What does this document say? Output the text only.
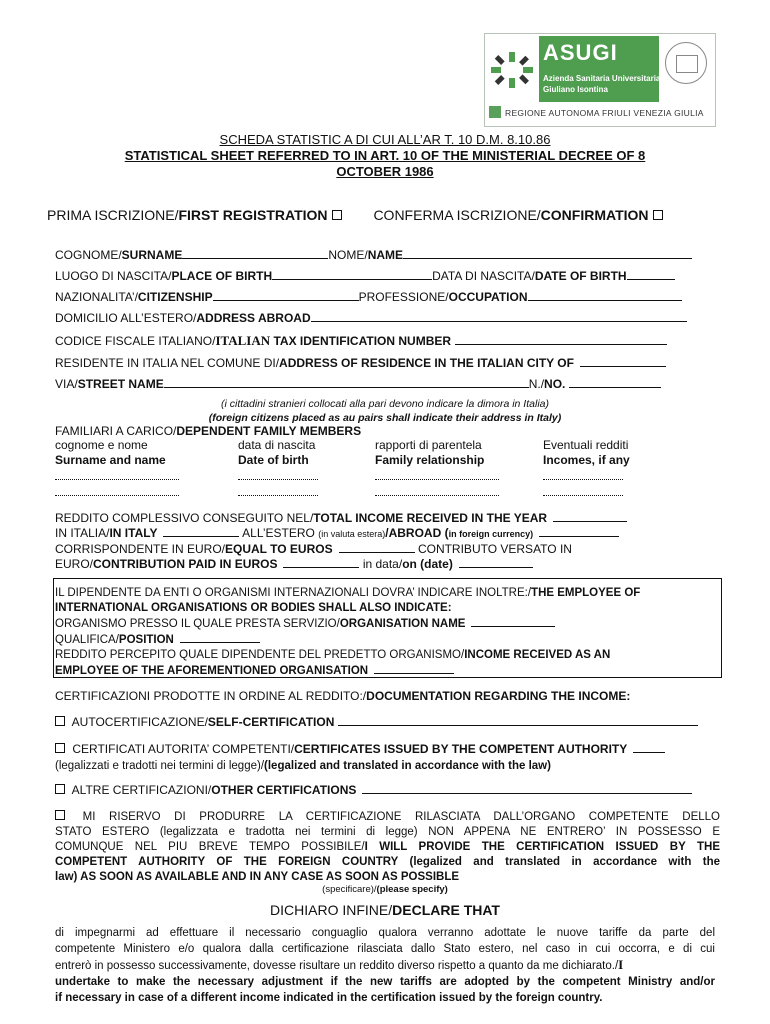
ASUGI
Azienda Sanitaria Universitaria
Giuliano Isontina
REGIONE AUTONOMA FRIULI VENEZIA GIULIA
SCHEDA STATISTIC A DI CUI ALL’AR T. 10 D.M. 8.10.86
STATISTICAL SHEET REFERRED TO IN ART. 10 OF THE MINISTERIAL DECREE OF 8
OCTOBER 1986
PRIMA ISCRIZIONE/FIRST REGISTRATION	CONFERMA ISCRIZIONE/CONFIRMATION
COGNOME/SURNAME	NOME/NAME
LUOGO DI NASCITA/PLACE OF BIRTH	DATA DI NASCITA/DATE OF BIRTH
NAZIONALITA’/CITIZENSHIP	PROFESSIONE/OCCUPATION
DOMICILIO ALL’ESTERO/ADDRESS ABROAD
CODICE FISCALE ITALIANO/ITALIAN TAX IDENTIFICATION NUMBER
RESIDENTE IN ITALIA NEL COMUNE DI/ADDRESS OF RESIDENCE IN THE ITALIAN CITY OF
VIA/STREET NAME	N./NO.
(i cittadini stranieri collocati alla pari devono indicare la dimora in Italia)
(foreign citizens placed as au pairs shall indicate their address in Italy)
FAMILIARI A CARICO/DEPENDENT FAMILY MEMBERS
cognome e nome	data di nascita	rapporti di parentela	Eventuali redditi
Surname and name	Date of birth	Family relationship	Incomes, if any
REDDITO COMPLESSIVO CONSEGUITO NEL/TOTAL INCOME RECEIVED IN THE YEAR
IN ITALIA/IN ITALY	ALL’ESTERO (in valuta estera)/ABROAD (in foreign currency)
CORRISPONDENTE IN EURO/EQUAL TO EUROS	CONTRIBUTO VERSATO IN
EURO/CONTRIBUTION PAID IN EUROS	in data/on (date)
IL DIPENDENTE DA ENTI O ORGANISMI INTERNAZIONALI DOVRA’ INDICARE INOLTRE:/THE EMPLOYEE OF
INTERNATIONAL ORGANISATIONS OR BODIES SHALL ALSO INDICATE:
ORGANISMO PRESSO IL QUALE PRESTA SERVIZIO/ORGANISATION NAME
QUALIFICA/POSITION
REDDITO PERCEPITO QUALE DIPENDENTE DEL PREDETTO ORGANISMO/INCOME RECEIVED AS AN
EMPLOYEE OF THE AFOREMENTIONED ORGANISATION
CERTIFICAZIONI PRODOTTE IN ORDINE AL REDDITO:/DOCUMENTATION REGARDING THE INCOME:
AUTOCERTIFICAZIONE/SELF-CERTIFICATION
CERTIFICATI AUTORITA’ COMPETENTI/CERTIFICATES ISSUED BY THE COMPETENT AUTHORITY
(legalizzati e tradotti nei termini di legge)/(legalized and translated in accordance with the law)
ALTRE CERTIFICAZIONI/OTHER CERTIFICATIONS
MI RISERVO DI PRODURRE LA CERTIFICAZIONE RILASCIATA DALL’ORGANO COMPETENTE DELLO
STATO ESTERO (legalizzata e tradotta nei termini di legge) NON APPENA NE ENTRERO’ IN POSSESSO E
COMUNQUE NEL PIU BREVE TEMPO POSSIBILE/I WILL PROVIDE THE CERTIFICATION ISSUED BY THE
COMPETENT AUTHORITY OF THE FOREIGN COUNTRY (legalized and translated in accordance with the
law) AS SOON AS AVAILABLE AND IN ANY CASE AS SOON AS POSSIBLE
(specificare)/(please specify)
DICHIARO INFINE/DECLARE THAT
di impegnarmi ad effettuare il necessario conguaglio qualora verranno adottate le nuove tariffe da parte del
competente Ministero e/o qualora dalla certificazione rilasciata dallo Stato estero, nel caso in cui occorra, e di cui
entrerò in possesso successivamente, dovesse risultare un reddito diverso rispetto a quanto da me dichiarato./I
undertake to make the necessary adjustment if the new tariffs are adopted by the competent Ministry and/or
if necessary in case of a different income indicated in the certification issued by the foreign country.
